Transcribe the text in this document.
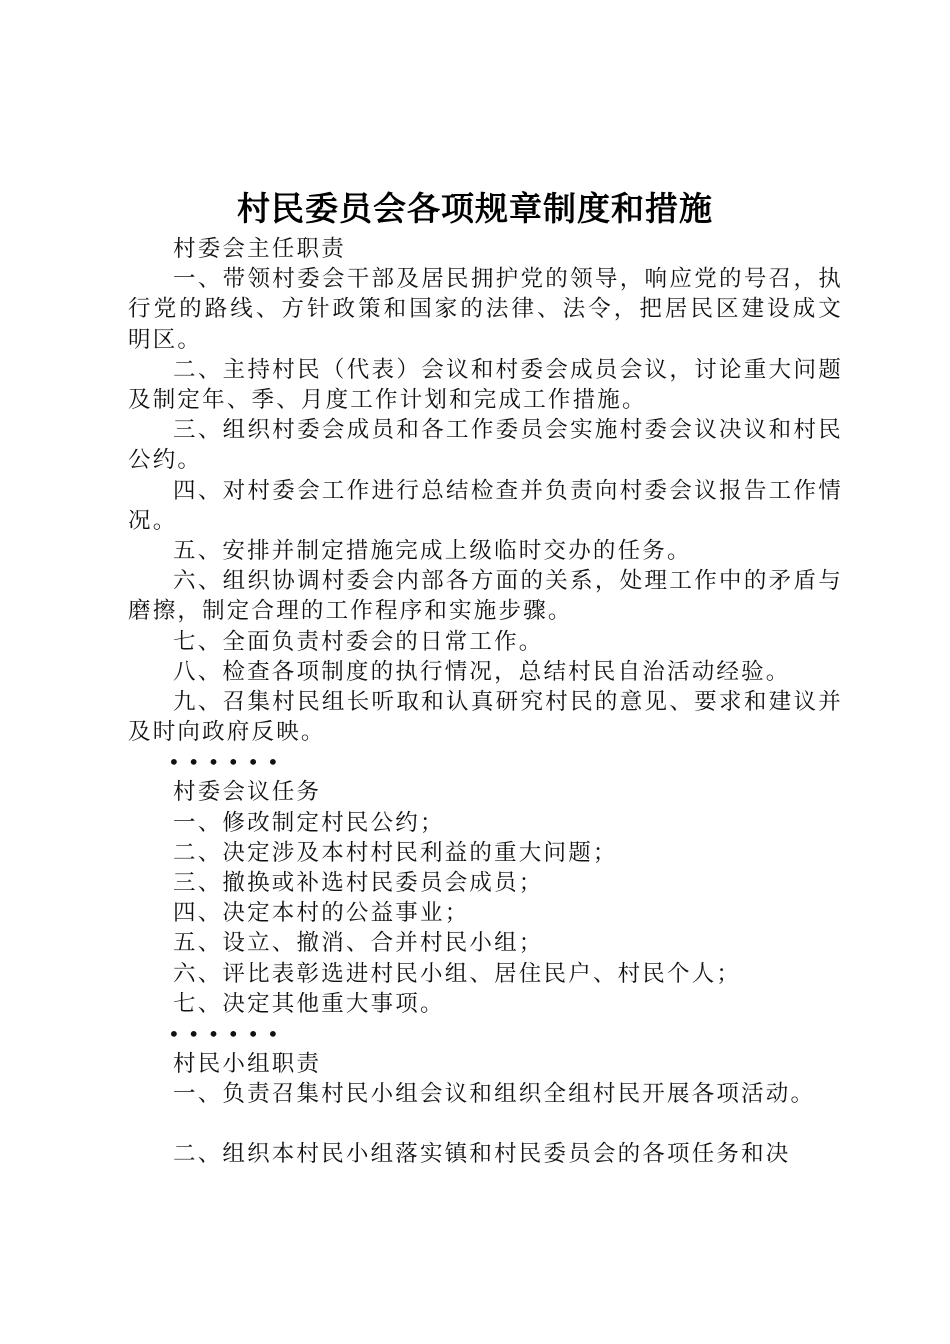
村民委员会各项规章制度和措施

村委会主任职责

一、带领村委会干部及居民拥护党的领导，响应党的号召，执行党的路线、方针政策和国家的法律、法令，把居民区建设成文明区。

二、主持村民（代表）会议和村委会成员会议，讨论重大问题及制定年、季、月度工作计划和完成工作措施。

三、组织村委会成员和各工作委员会实施村委会议决议和村民公约。

四、对村委会工作进行总结检查并负责向村委会议报告工作情况。

五、安排并制定措施完成上级临时交办的任务。

六、组织协调村委会内部各方面的关系，处理工作中的矛盾与磨擦，制定合理的工作程序和实施步骤。

七、全面负责村委会的日常工作。

八、检查各项制度的执行情况，总结村民自治活动经验。

九、召集村民组长听取和认真研究村民的意见、要求和建议并及时向政府反映。

••••••

村委会议任务

一、修改制定村民公约；

二、决定涉及本村村民利益的重大问题；

三、撤换或补选村民委员会成员；

四、决定本村的公益事业；

五、设立、撤消、合并村民小组；

六、评比表彰选进村民小组、居住民户、村民个人；

七、决定其他重大事项。

••••••

村民小组职责

一、负责召集村民小组会议和组织全组村民开展各项活动。

二、组织本村民小组落实镇和村民委员会的各项任务和决
